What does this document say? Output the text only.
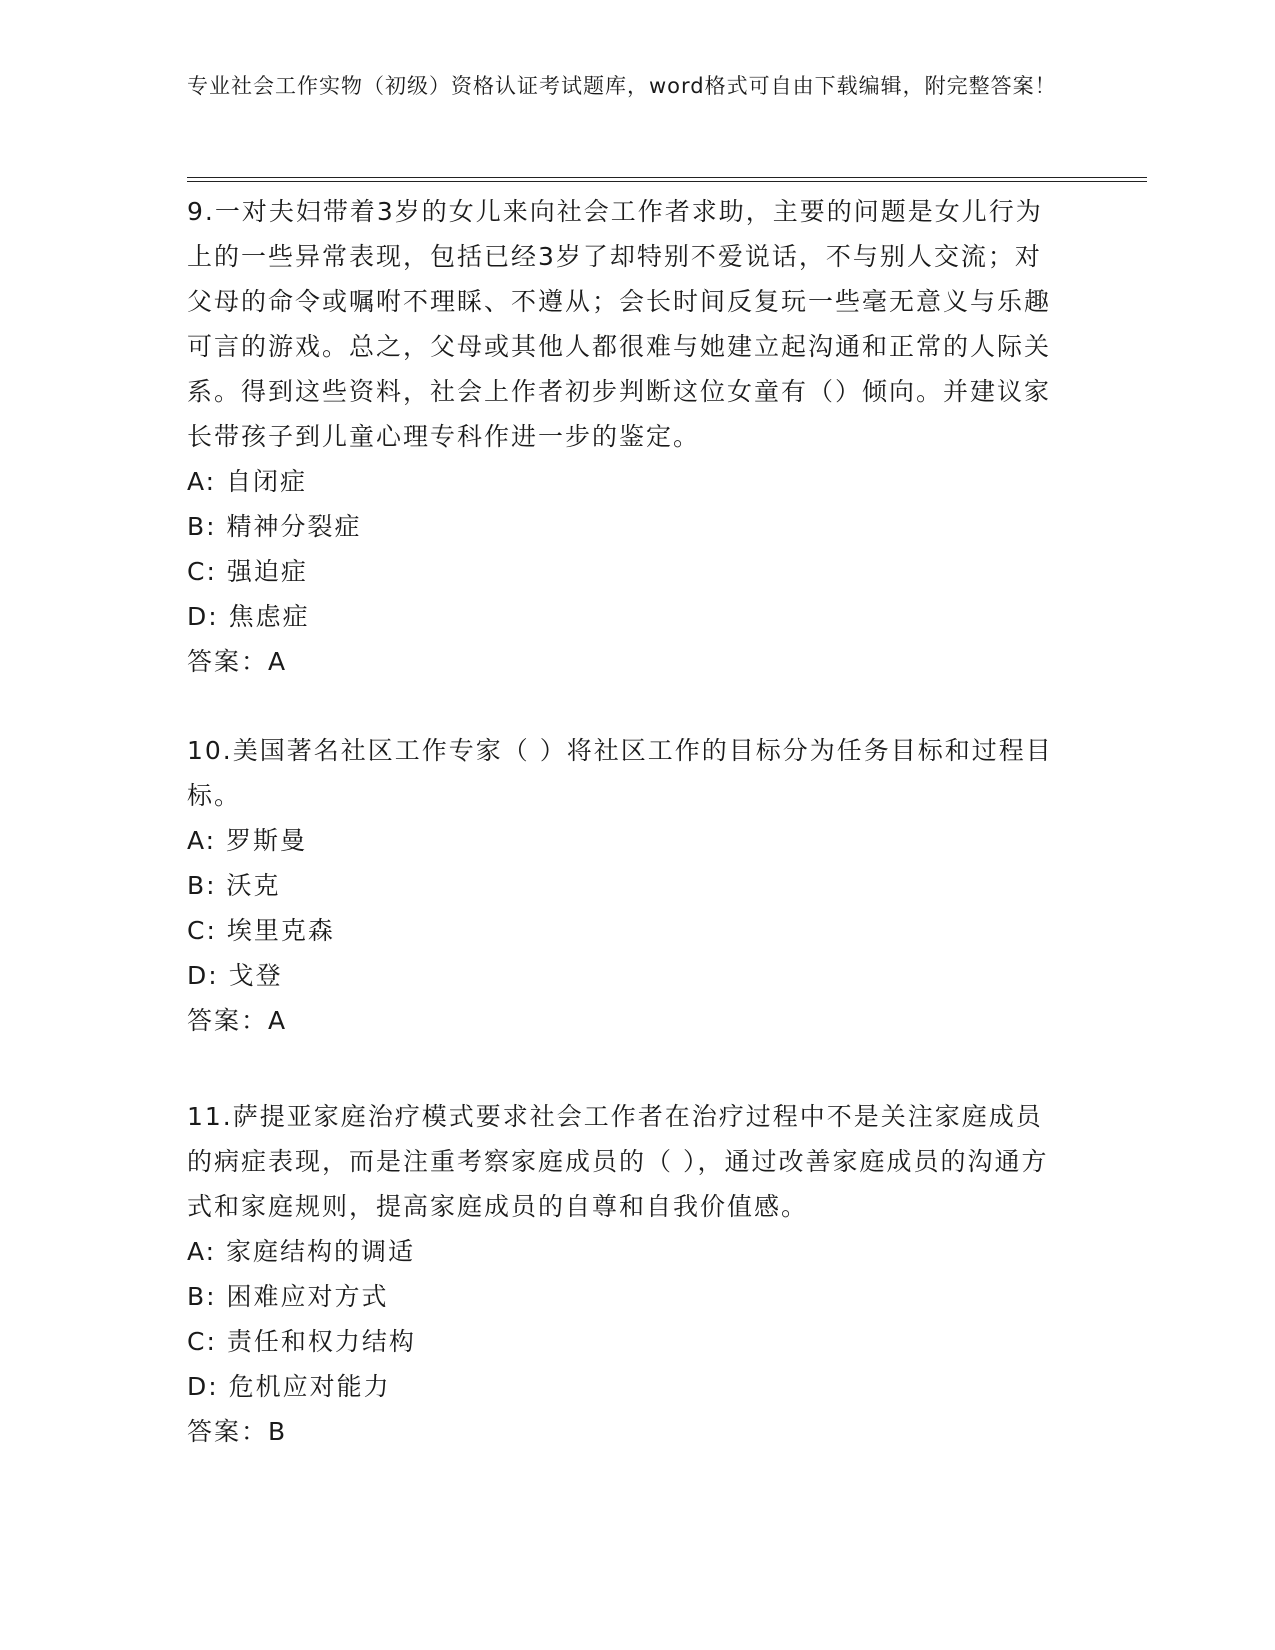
专业社会工作实物（初级）资格认证考试题库，word格式可自由下载编辑，附完整答案！

9.一对夫妇带着3岁的女儿来向社会工作者求助，主要的问题是女儿行为上的一些异常表现，包括已经3岁了却特别不爱说话，不与别人交流；对父母的命令或嘱咐不理睬、不遵从；会长时间反复玩一些毫无意义与乐趣可言的游戏。总之，父母或其他人都很难与她建立起沟通和正常的人际关系。得到这些资料，社会上作者初步判断这位女童有（）倾向。并建议家长带孩子到儿童心理专科作进一步的鉴定。

A: 自闭症

B: 精神分裂症

C: 强迫症

D: 焦虑症

答案：A

10.美国著名社区工作专家（ ）将社区工作的目标分为任务目标和过程目标。

A: 罗斯曼

B: 沃克

C: 埃里克森

D: 戈登

答案：A

11.萨提亚家庭治疗模式要求社会工作者在治疗过程中不是关注家庭成员的病症表现，而是注重考察家庭成员的（ ），通过改善家庭成员的沟通方式和家庭规则，提高家庭成员的自尊和自我价值感。

A: 家庭结构的调适

B: 困难应对方式

C: 责任和权力结构

D: 危机应对能力

答案：B
